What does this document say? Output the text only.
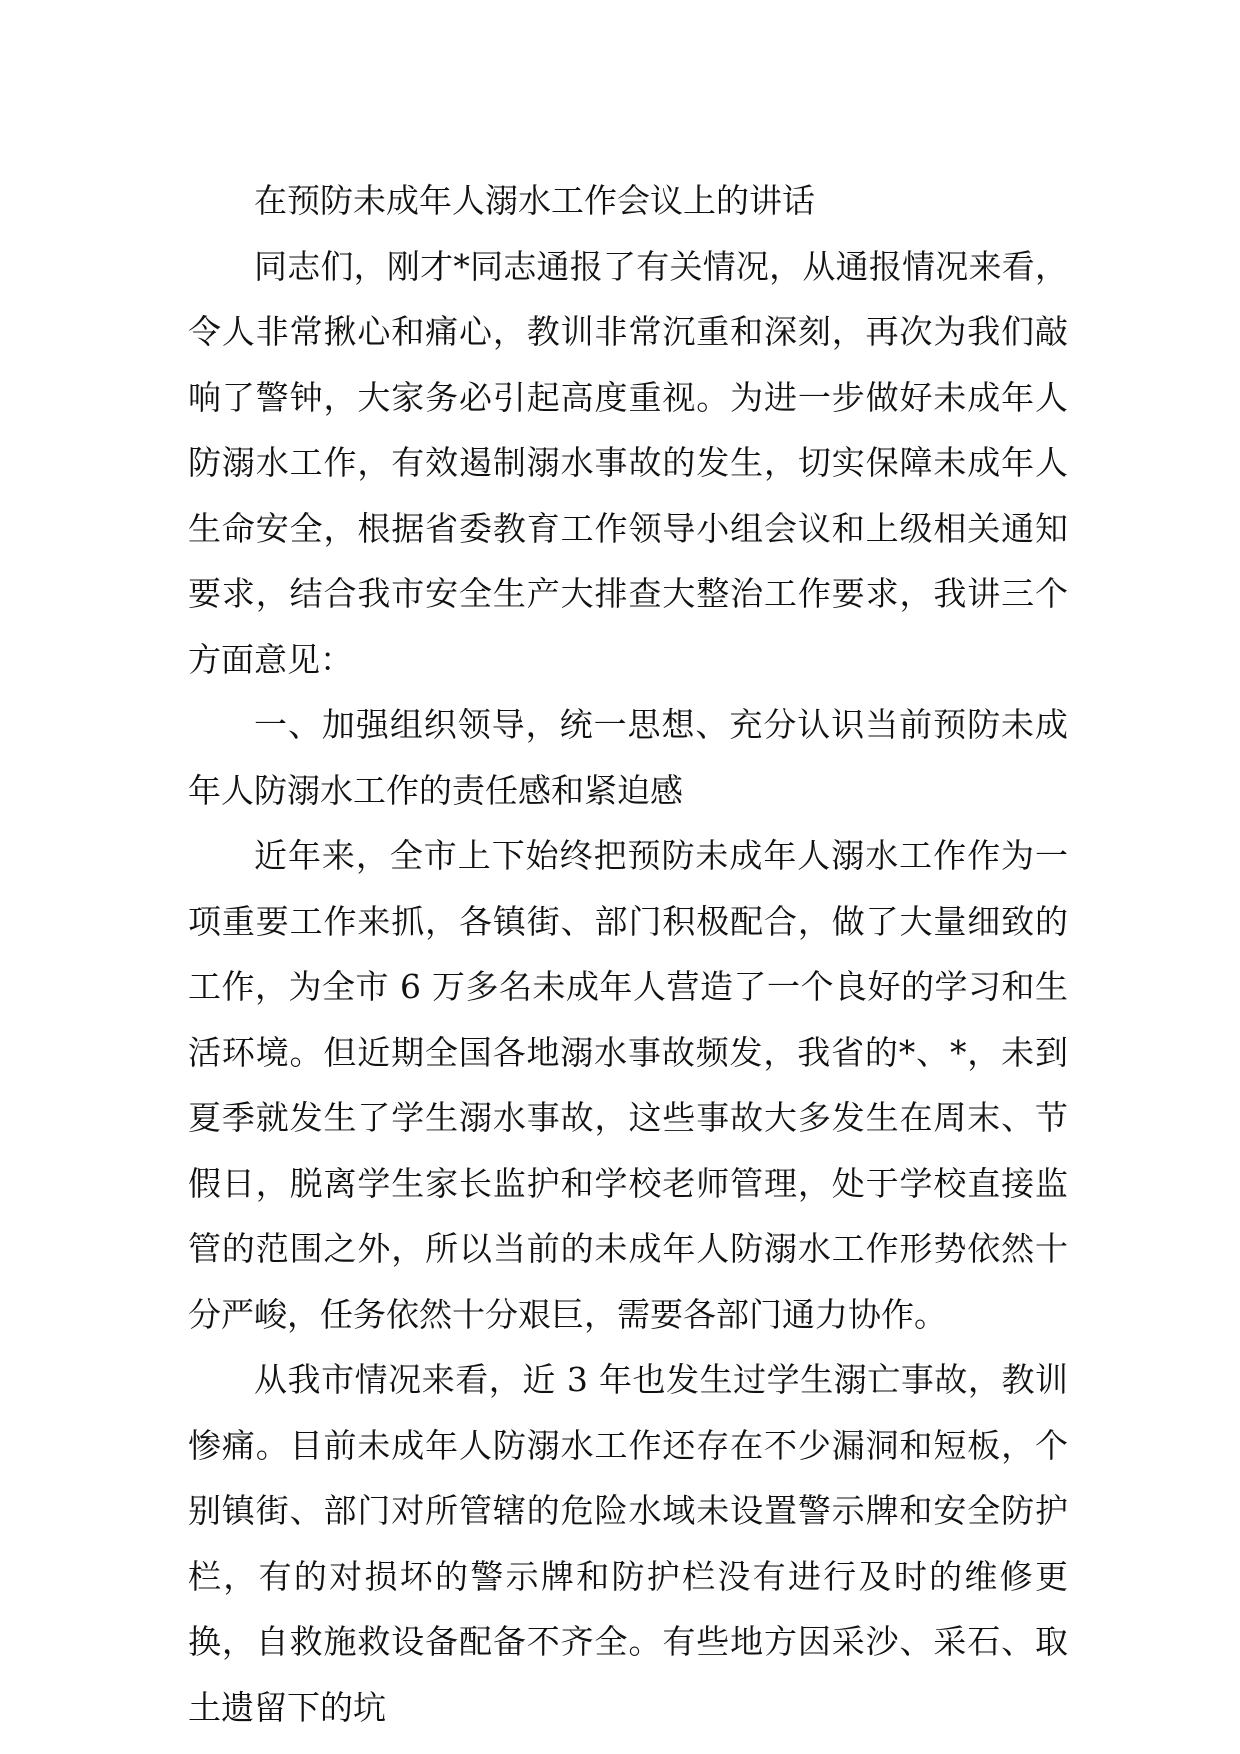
在预防未成年人溺水工作会议上的讲话

同志们，刚才*同志通报了有关情况，从通报情况来看，令人非常揪心和痛心，教训非常沉重和深刻，再次为我们敲响了警钟，大家务必引起高度重视。为进一步做好未成年人防溺水工作，有效遏制溺水事故的发生，切实保障未成年人生命安全，根据省委教育工作领导小组会议和上级相关通知要求，结合我市安全生产大排查大整治工作要求，我讲三个方面意见：

一、加强组织领导，统一思想、充分认识当前预防未成年人防溺水工作的责任感和紧迫感

近年来，全市上下始终把预防未成年人溺水工作作为一项重要工作来抓，各镇街、部门积极配合，做了大量细致的工作，为全市 6 万多名未成年人营造了一个良好的学习和生活环境。但近期全国各地溺水事故频发，我省的*、*，未到夏季就发生了学生溺水事故，这些事故大多发生在周末、节假日，脱离学生家长监护和学校老师管理，处于学校直接监管的范围之外，所以当前的未成年人防溺水工作形势依然十分严峻，任务依然十分艰巨，需要各部门通力协作。

从我市情况来看，近 3 年也发生过学生溺亡事故，教训惨痛。目前未成年人防溺水工作还存在不少漏洞和短板，个别镇街、部门对所管辖的危险水域未设置警示牌和安全防护栏，有的对损坏的警示牌和防护栏没有进行及时的维修更换，自救施救设备配备不齐全。有些地方因采沙、采石、取土遗留下的坑
